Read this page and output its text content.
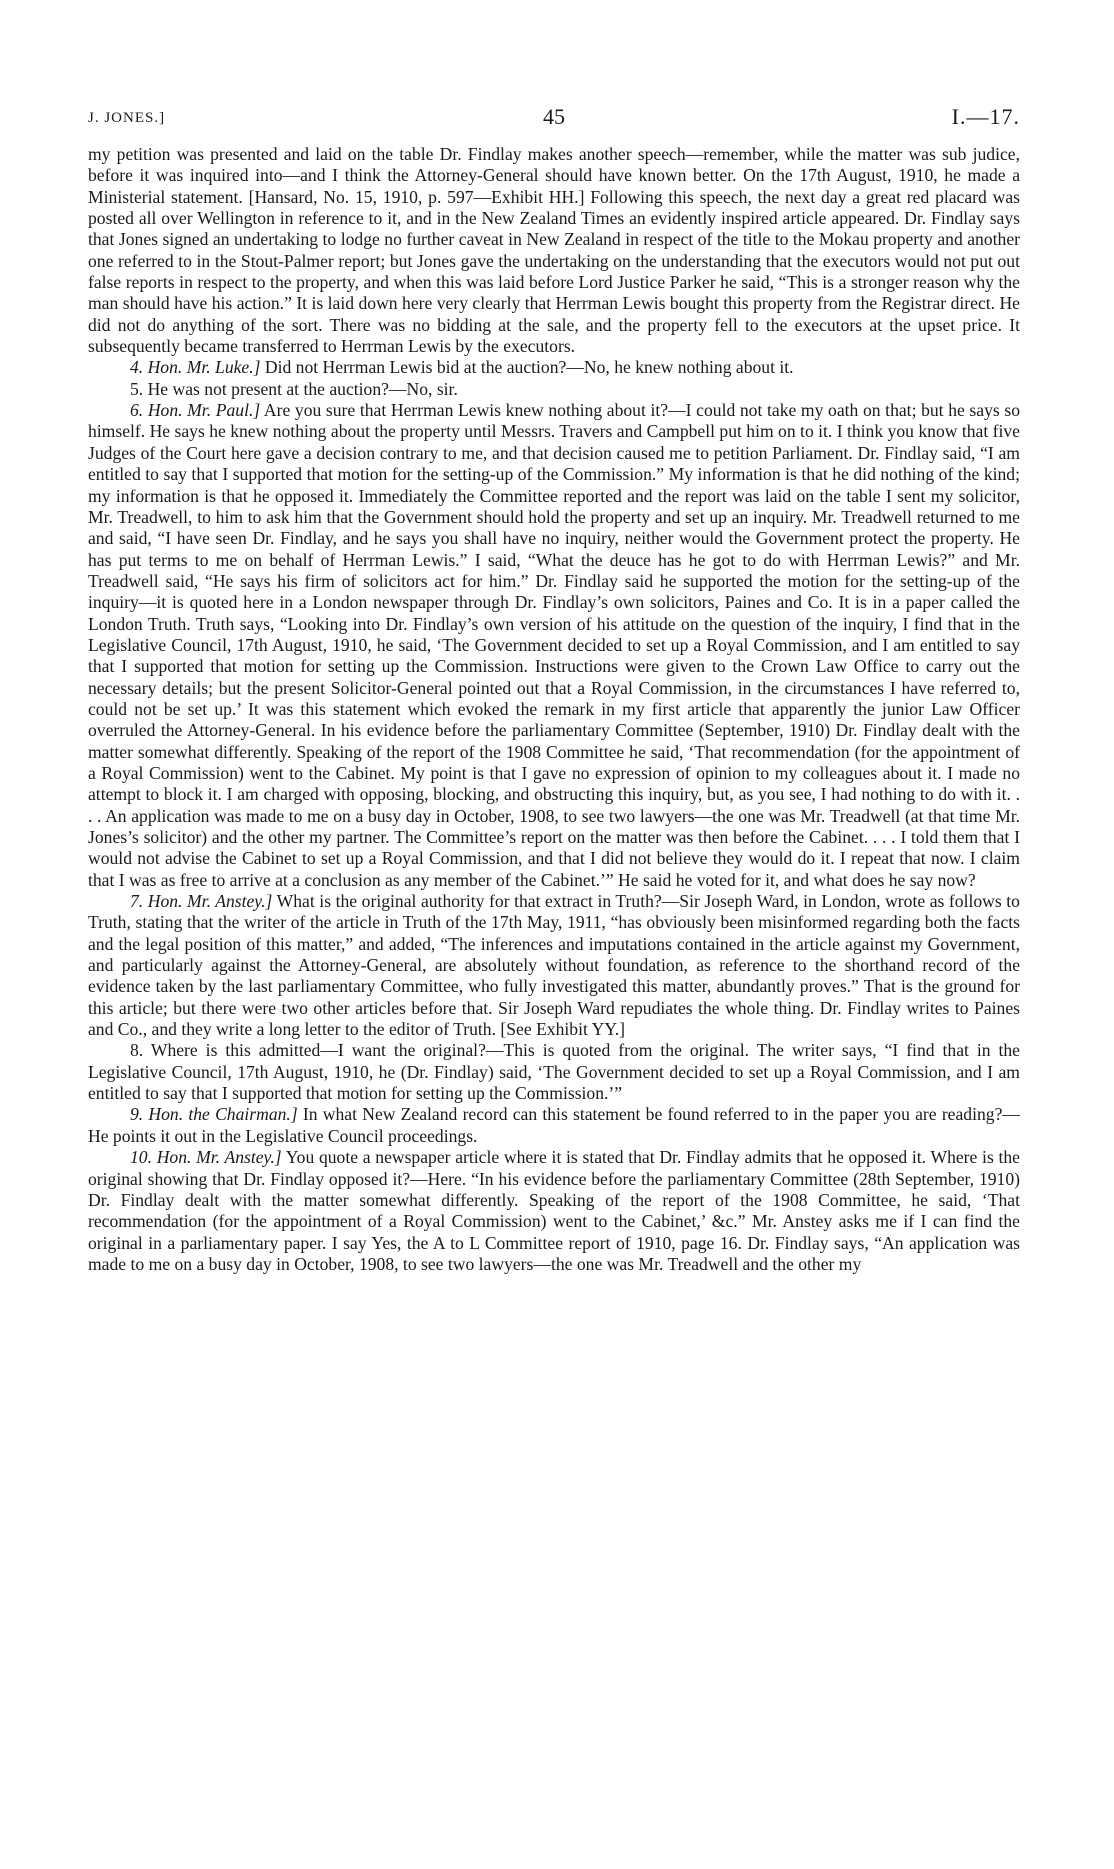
J. JONES.]	45	I.—17.

my petition was presented and laid on the table Dr. Findlay makes another speech—remember, while the matter was sub judice, before it was inquired into—and I think the Attorney-General should have known better. On the 17th August, 1910, he made a Ministerial statement. [Hansard, No. 15, 1910, p. 597—Exhibit HH.] Following this speech, the next day a great red placard was posted all over Wellington in reference to it, and in the New Zealand Times an evidently inspired article appeared. Dr. Findlay says that Jones signed an undertaking to lodge no further caveat in New Zealand in respect of the title to the Mokau property and another one referred to in the Stout-Palmer report; but Jones gave the undertaking on the understanding that the executors would not put out false reports in respect to the property, and when this was laid before Lord Justice Parker he said, “This is a stronger reason why the man should have his action.” It is laid down here very clearly that Herrman Lewis bought this property from the Registrar direct. He did not do anything of the sort. There was no bidding at the sale, and the property fell to the executors at the upset price. It subsequently became transferred to Herrman Lewis by the executors.

4. Hon. Mr. Luke.] Did not Herrman Lewis bid at the auction?—No, he knew nothing about it.

5. He was not present at the auction?—No, sir.

6. Hon. Mr. Paul.] Are you sure that Herrman Lewis knew nothing about it?—I could not take my oath on that; but he says so himself. He says he knew nothing about the property until Messrs. Travers and Campbell put him on to it. I think you know that five Judges of the Court here gave a decision contrary to me, and that decision caused me to petition Parliament. Dr. Findlay said, “I am entitled to say that I supported that motion for the setting-up of the Commission.” My information is that he did nothing of the kind; my information is that he opposed it. Immediately the Committee reported and the report was laid on the table I sent my solicitor, Mr. Treadwell, to him to ask him that the Government should hold the property and set up an inquiry. Mr. Treadwell returned to me and said, “I have seen Dr. Findlay, and he says you shall have no inquiry, neither would the Government protect the property. He has put terms to me on behalf of Herrman Lewis.” I said, “What the deuce has he got to do with Herrman Lewis?” and Mr. Treadwell said, “He says his firm of solicitors act for him.” Dr. Findlay said he supported the motion for the setting-up of the inquiry—it is quoted here in a London newspaper through Dr. Findlay’s own solicitors, Paines and Co. It is in a paper called the London Truth. Truth says, “Looking into Dr. Findlay’s own version of his attitude on the question of the inquiry, I find that in the Legislative Council, 17th August, 1910, he said, ‘The Government decided to set up a Royal Commission, and I am entitled to say that I supported that motion for setting up the Commission. Instructions were given to the Crown Law Office to carry out the necessary details; but the present Solicitor-General pointed out that a Royal Commission, in the circumstances I have referred to, could not be set up.’ It was this statement which evoked the remark in my first article that apparently the junior Law Officer overruled the Attorney-General. In his evidence before the parliamentary Committee (September, 1910) Dr. Findlay dealt with the matter somewhat differently. Speaking of the report of the 1908 Committee he said, ‘That recommendation (for the appointment of a Royal Commission) went to the Cabinet. My point is that I gave no expression of opinion to my colleagues about it. I made no attempt to block it. I am charged with opposing, blocking, and obstructing this inquiry, but, as you see, I had nothing to do with it. . . . An application was made to me on a busy day in October, 1908, to see two lawyers—the one was Mr. Treadwell (at that time Mr. Jones’s solicitor) and the other my partner. The Committee’s report on the matter was then before the Cabinet. . . . I told them that I would not advise the Cabinet to set up a Royal Commission, and that I did not believe they would do it. I repeat that now. I claim that I was as free to arrive at a conclusion as any member of the Cabinet.’” He said he voted for it, and what does he say now?

7. Hon. Mr. Anstey.] What is the original authority for that extract in Truth?—Sir Joseph Ward, in London, wrote as follows to Truth, stating that the writer of the article in Truth of the 17th May, 1911, “has obviously been misinformed regarding both the facts and the legal position of this matter,” and added, “The inferences and imputations contained in the article against my Government, and particularly against the Attorney-General, are absolutely without foundation, as reference to the shorthand record of the evidence taken by the last parliamentary Committee, who fully investigated this matter, abundantly proves.” That is the ground for this article; but there were two other articles before that. Sir Joseph Ward repudiates the whole thing. Dr. Findlay writes to Paines and Co., and they write a long letter to the editor of Truth. [See Exhibit YY.]

8. Where is this admitted—I want the original?—This is quoted from the original. The writer says, “I find that in the Legislative Council, 17th August, 1910, he (Dr. Findlay) said, ‘The Government decided to set up a Royal Commission, and I am entitled to say that I supported that motion for setting up the Commission.’”

9. Hon. the Chairman.] In what New Zealand record can this statement be found referred to in the paper you are reading?—He points it out in the Legislative Council proceedings.

10. Hon. Mr. Anstey.] You quote a newspaper article where it is stated that Dr. Findlay admits that he opposed it. Where is the original showing that Dr. Findlay opposed it?—Here. “In his evidence before the parliamentary Committee (28th September, 1910) Dr. Findlay dealt with the matter somewhat differently. Speaking of the report of the 1908 Committee, he said, ‘That recommendation (for the appointment of a Royal Commission) went to the Cabinet,’ &c.” Mr. Anstey asks me if I can find the original in a parliamentary paper. I say Yes, the A to L Committee report of 1910, page 16. Dr. Findlay says, “An application was made to me on a busy day in October, 1908, to see two lawyers—the one was Mr. Treadwell and the other my
